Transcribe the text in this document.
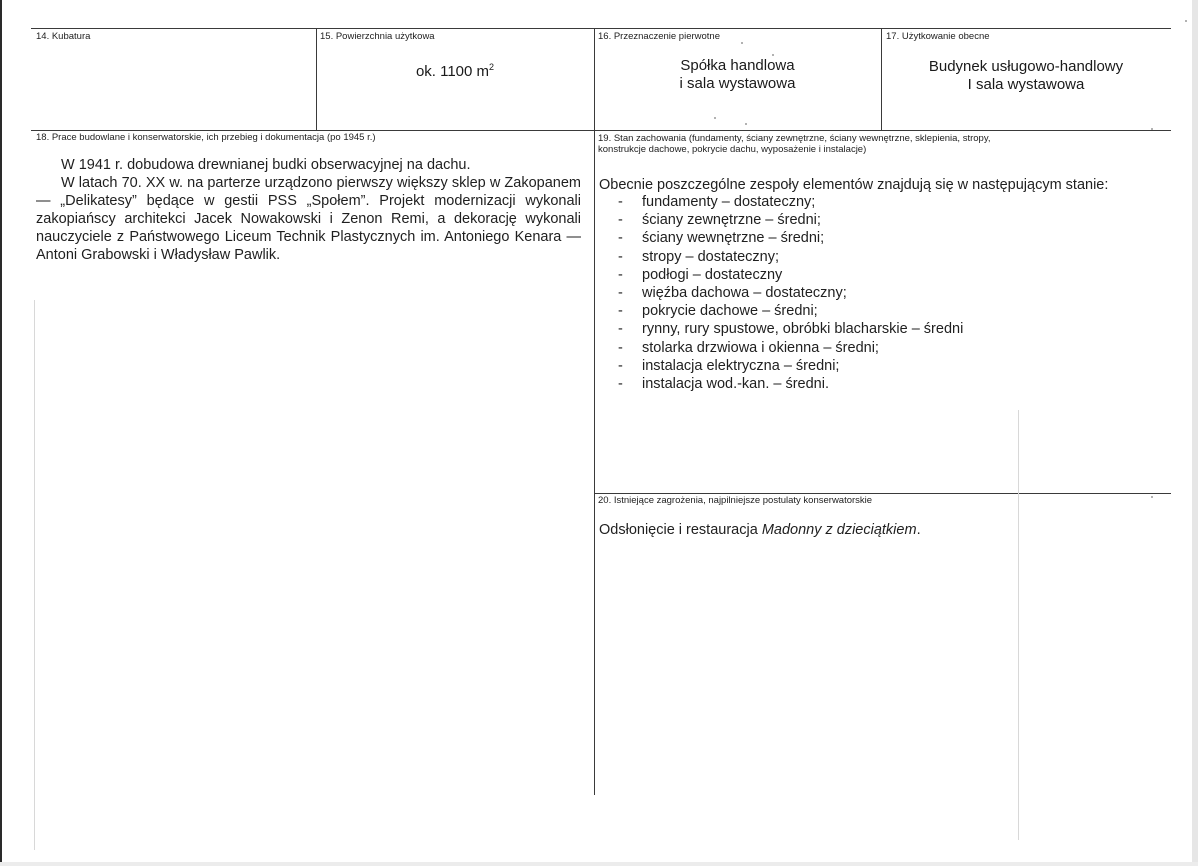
14. Kubatura	15. Powierzchnia użytkowa
ok. 1100 $m^2$
16. Przeznaczenie pierwotne
Spółka handlowa
i sala wystawowa
17. Użytkowanie obecne
Budynek usługowo-handlowy
I sala wystawowa
18. Prace budowlane i konserwatorskie, ich przebieg i dokumentacja (po 1945 r.)

W 1941 r. dobudowa drewnianej budki obserwacyjnej na dachu.

W latach 70. XX w. na parterze urządzono pierwszy większy sklep w Zakopanem — „Delikatesy” będące w gestii PSS „Społem”. Projekt modernizacji wykonali zakopiańscy architekci Jacek Nowakowski i Zenon Remi, a dekorację wykonali nauczyciele z Państwowego Liceum Technik Plastycznych im. Antoniego Kenara — Antoni Grabowski i Władysław Pawlik.

19. Stan zachowania (fundamenty, ściany zewnętrzne, ściany wewnętrzne, sklepienia, stropy,
konstrukcje dachowe, pokrycie dachu, wyposażenie i instalacje)
Obecnie poszczególne zespoły elementów znajdują się w następującym stanie:
- fundamenty – dostateczny;
- ściany zewnętrzne – średni;
- ściany wewnętrzne – średni;
- stropy – dostateczny;
- podłogi – dostateczny
- więźba dachowa – dostateczny;
- pokrycie dachowe – średni;
- rynny, rury spustowe, obróbki blacharskie – średni
- stolarka drzwiowa i okienna – średni;
- instalacja elektryczna – średni;
- instalacja wod.-kan. – średni.
20. Istniejące zagrożenia, najpilniejsze postulaty konserwatorskie
Odsłonięcie i restauracja Madonny z dzieciątkiem.
